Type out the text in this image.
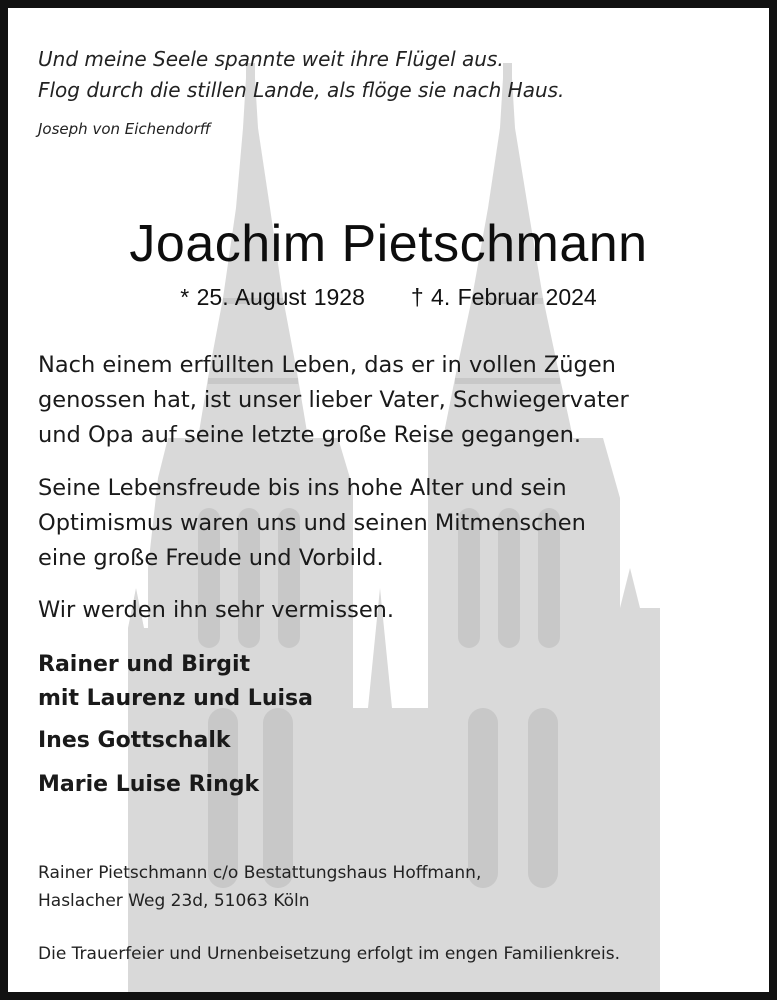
Und meine Seele spannte weit ihre Flügel aus.
Flog durch die stillen Lande, als flöge sie nach Haus.
Joseph von Eichendorff
Joachim Pietschmann
* 25. August 1928 † 4. Februar 2024
Nach einem erfüllten Leben, das er in vollen Zügen
genossen hat, ist unser lieber Vater, Schwiegervater
und Opa auf seine letzte große Reise gegangen.
Seine Lebensfreude bis ins hohe Alter und sein
Optimismus waren uns und seinen Mitmenschen
eine große Freude und Vorbild.
Wir werden ihn sehr vermissen.
Rainer und Birgit
mit Laurenz und Luisa
Ines Gottschalk
Marie Luise Ringk
Rainer Pietschmann c/o Bestattungshaus Hoffmann,
Haslacher Weg 23d, 51063 Köln
Die Trauerfeier und Urnenbeisetzung erfolgt im engen Familienkreis.
